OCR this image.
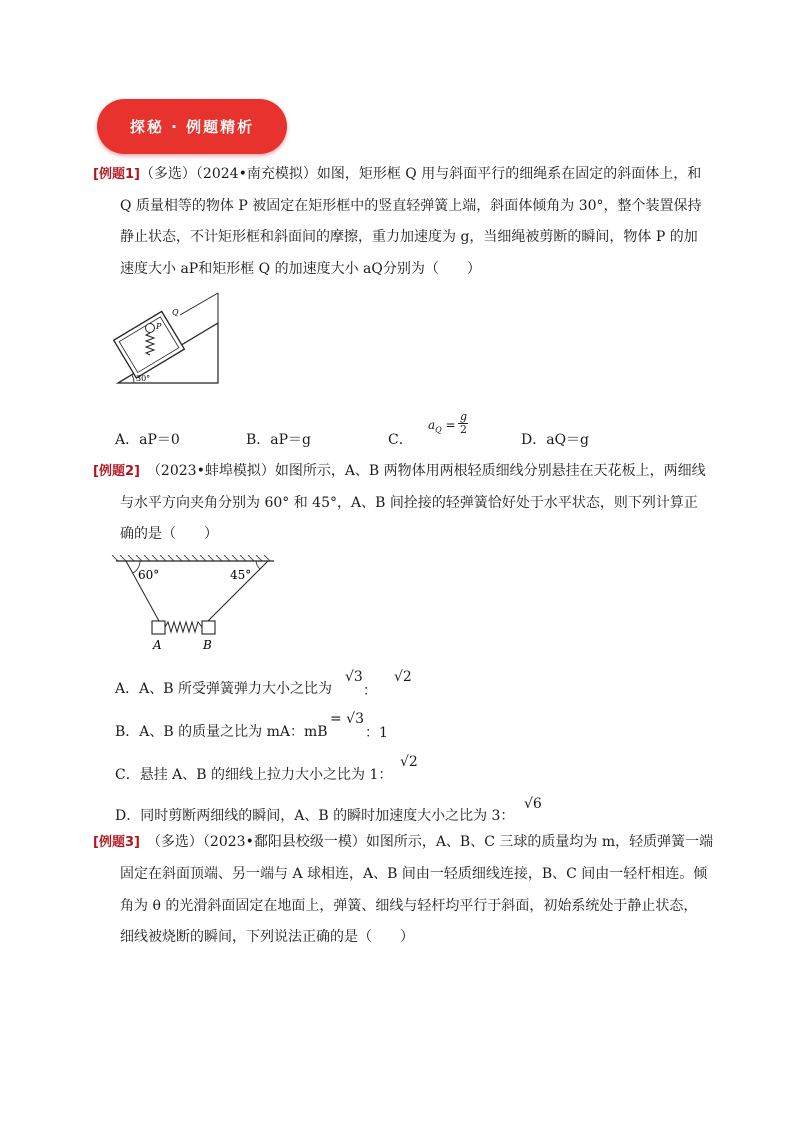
探秘 · 例题精析
[例题1]（多选）（2024•南充模拟）如图，矩形框 Q 用与斜面平行的细绳系在固定的斜面体上，和
Q 质量相等的物体 P 被固定在矩形框中的竖直轻弹簧上端，斜面体倾角为 30°，整个装置保持
静止状态，不计矩形框和斜面间的摩擦，重力加速度为 g，当细绳被剪断的瞬间，物体 P 的加
速度大小 aP和矩形框 Q 的加速度大小 aQ分别为（　　）
P
Q
30°
A．aP＝0	B．aP＝g	C．
$a_Q$ =
g
2
D．aQ＝g
[例题2]　 （2023•蚌埠模拟）如图所示，A、B 两物体用两根轻质细线分别悬挂在天花板上，两细线
与水平方向夹角分别为 60° 和 45°，A、B 间拴接的轻弹簧恰好处于水平状态，则下列计算正
确的是（　　）
60°	45°
A	B
A．A、B 所受弹簧弹力大小之比为
√3
：
√2
B．A、B 的质量之比为 mA：mB
= √3
：1
C．悬挂 A、B 的细线上拉力大小之比为 1：
√2
D．同时剪断两细线的瞬间，A、B 的瞬时加速度大小之比为 3：
√6
[例题3]　 （多选）（2023•鄱阳县校级一模）如图所示，A、B、C 三球的质量均为 m，轻质弹簧一端
固定在斜面顶端、另一端与 A 球相连，A、B 间由一轻质细线连接，B、C 间由一轻杆相连。倾
角为 θ 的光滑斜面固定在地面上，弹簧、细线与轻杆均平行于斜面，初始系统处于静止状态，
细线被烧断的瞬间，下列说法正确的是（　　）
